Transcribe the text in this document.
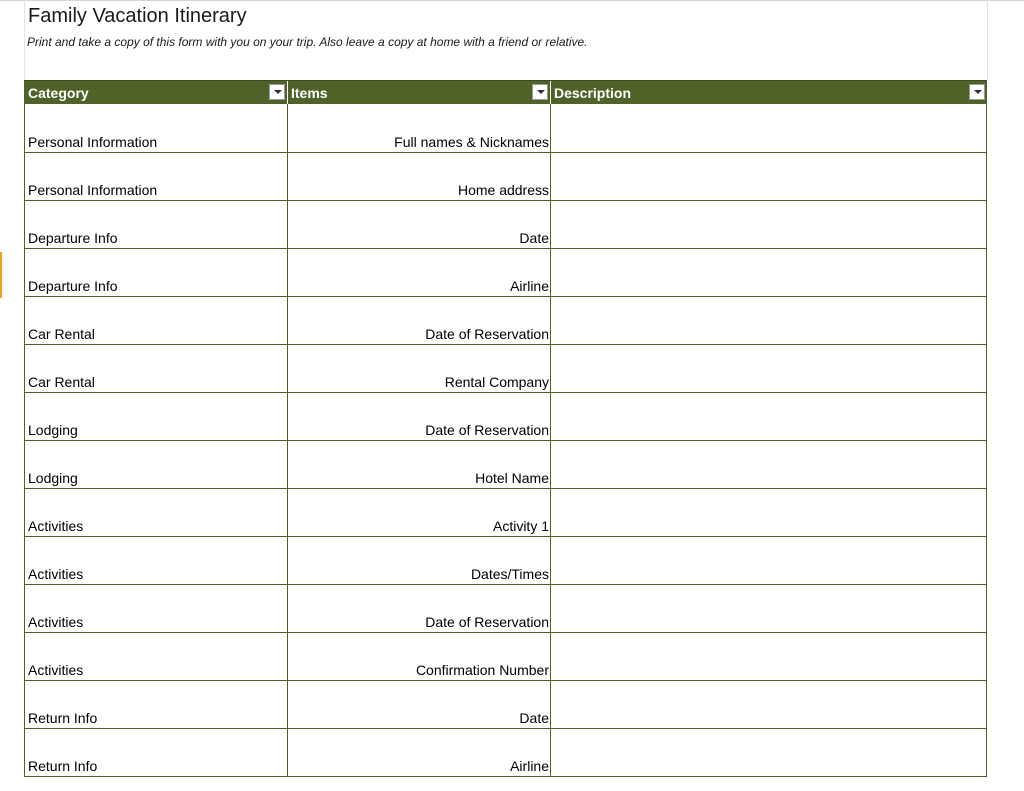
Family Vacation Itinerary
Print and take a copy of this form with you on your trip. Also leave a copy at home with a friend or relative.
Category	Items	Description

Personal Information	Full names & Nicknames	
Personal Information	Home address	
Departure Info	Date	
Departure Info	Airline	
Car Rental	Date of Reservation	
Car Rental	Rental Company	
Lodging	Date of Reservation	
Lodging	Hotel Name	
Activities	Activity 1	
Activities	Dates/Times	
Activities	Date of Reservation	
Activities	Confirmation Number	
Return Info	Date	
Return Info	Airline	
